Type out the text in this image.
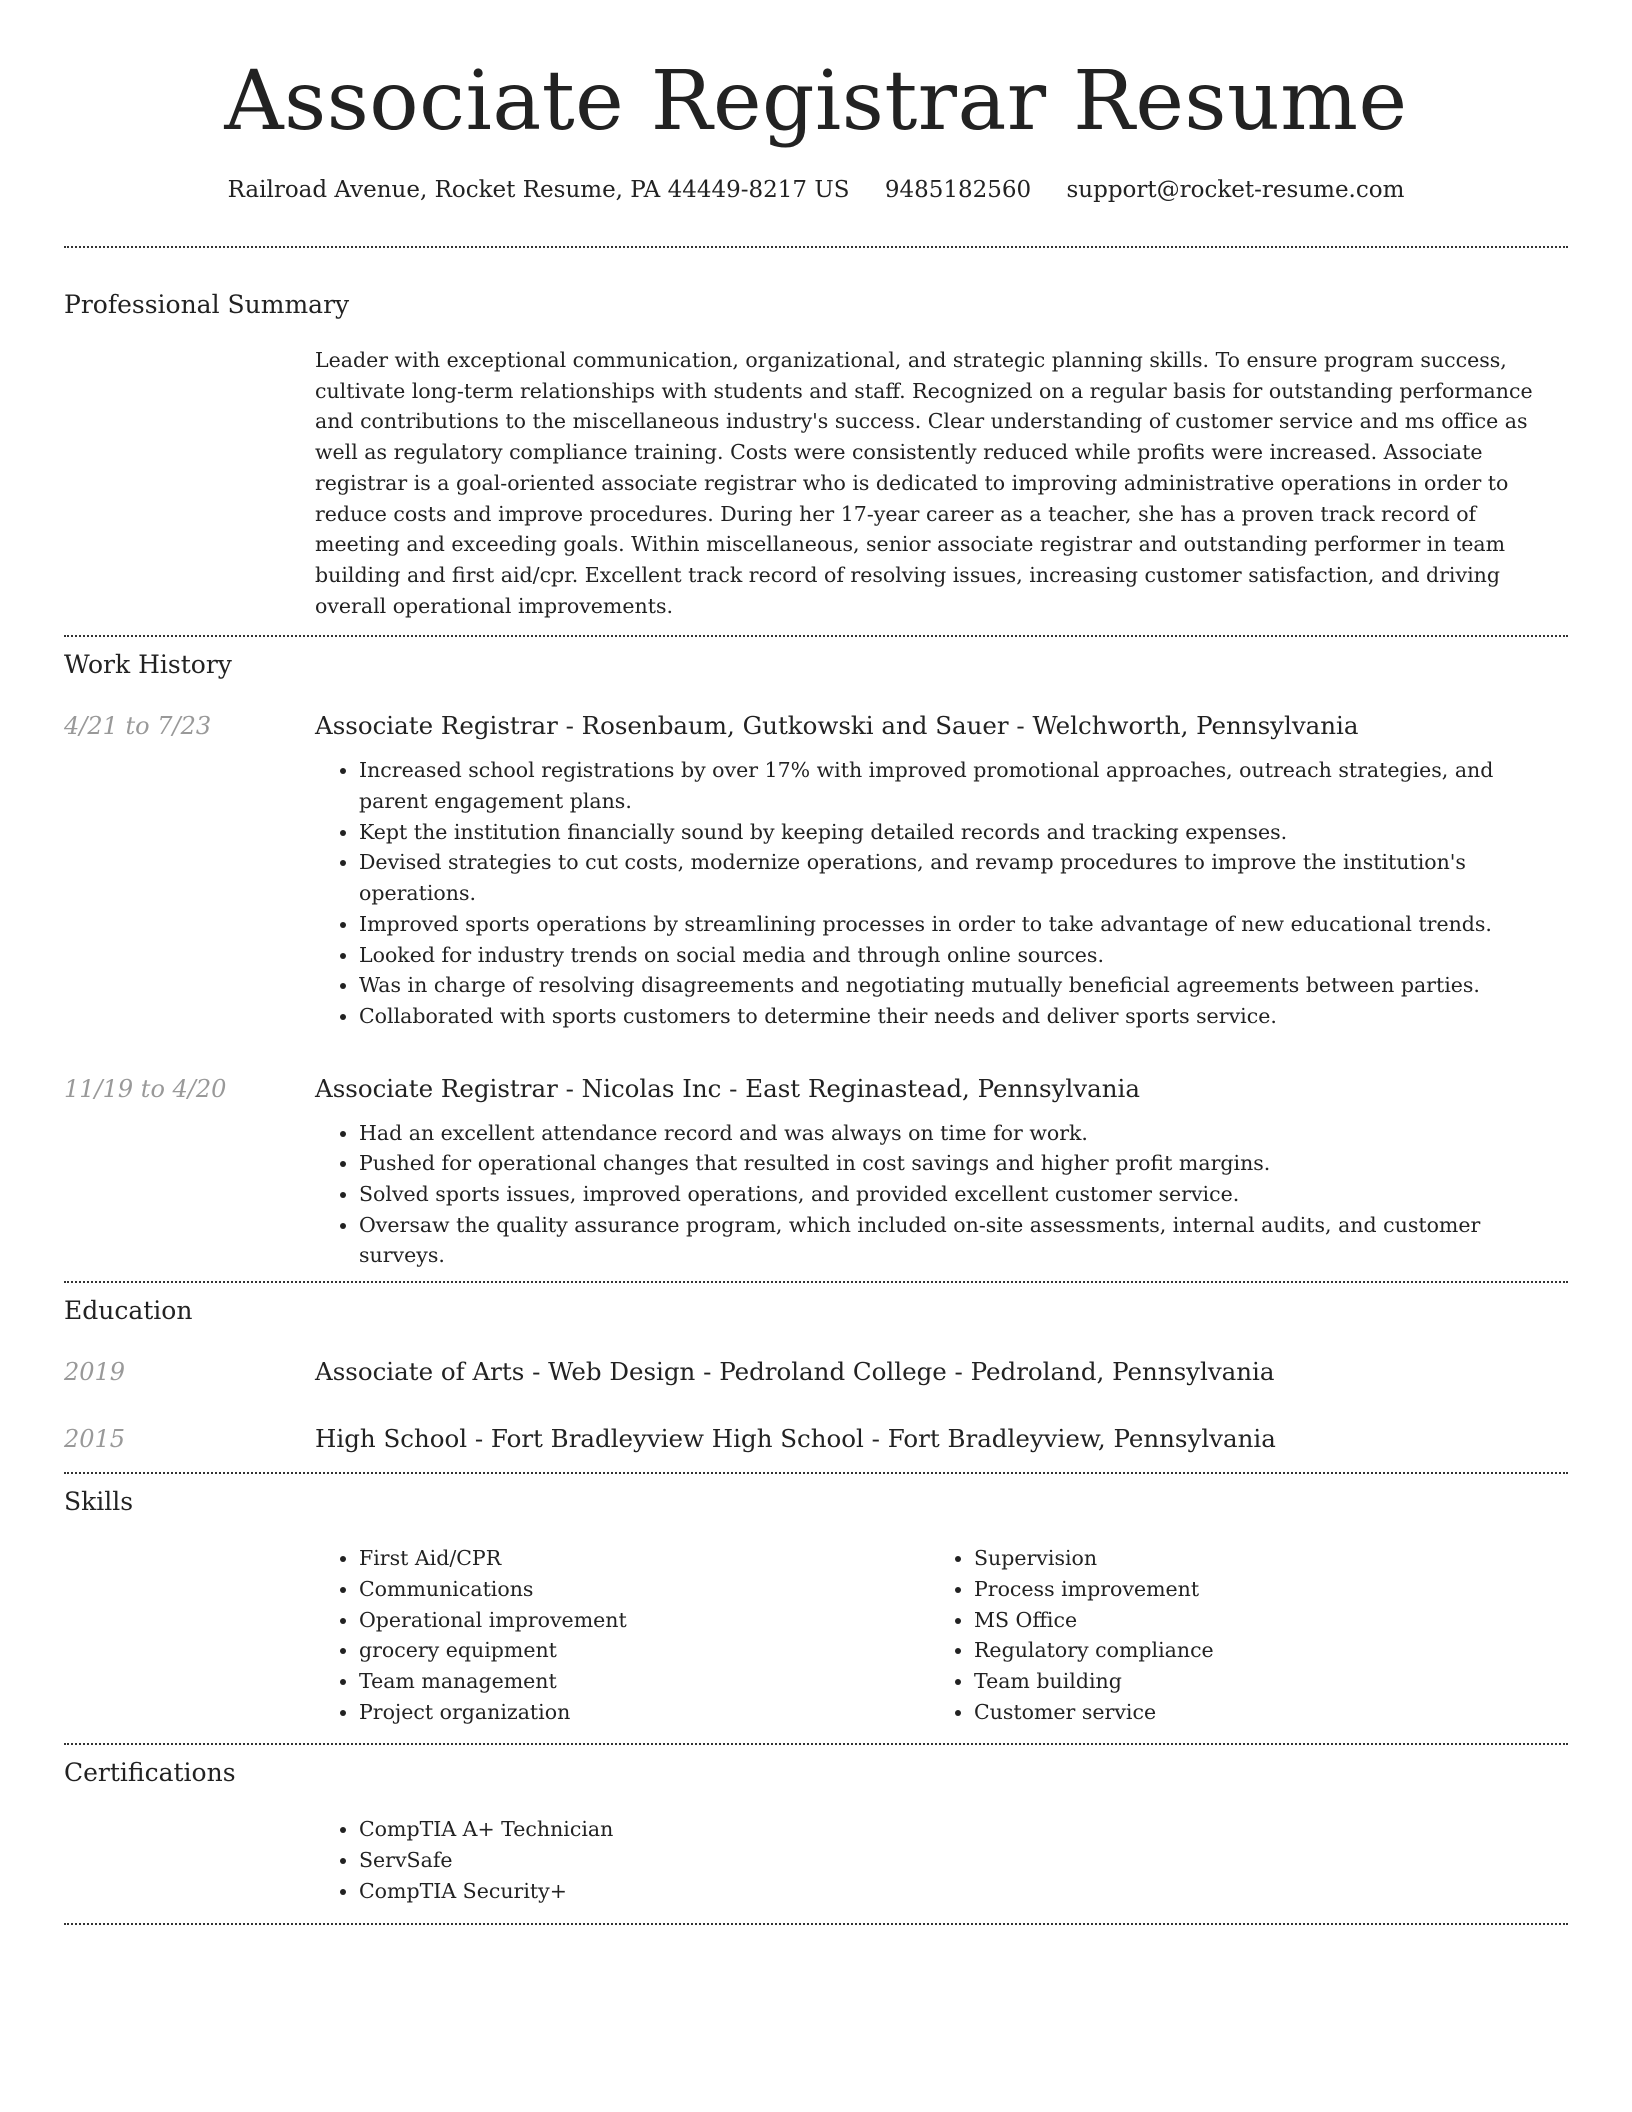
Associate Registrar Resume
Railroad Avenue, Rocket Resume, PA 44449-8217 US 9485182560 support@rocket-resume.com
Professional Summary

Leader with exceptional communication, organizational, and strategic planning skills. To ensure program success, cultivate long-term relationships with students and staff. Recognized on a regular basis for outstanding performance and contributions to the miscellaneous industry's success. Clear understanding of customer service and ms office as well as regulatory compliance training. Costs were consistently reduced while profits were increased. Associate registrar is a goal-oriented associate registrar who is dedicated to improving administrative operations in order to reduce costs and improve procedures. During her 17-year career as a teacher, she has a proven track record of meeting and exceeding goals. Within miscellaneous, senior associate registrar and outstanding performer in team building and first aid/cpr. Excellent track record of resolving issues, increasing customer satisfaction, and driving overall operational improvements.

Work History
4/21 to 7/23	Associate Registrar - Rosenbaum, Gutkowski and Sauer - Welchworth, Pennsylvania
• Increased school registrations by over 17% with improved promotional approaches, outreach strategies, and parent engagement plans.
• Kept the institution financially sound by keeping detailed records and tracking expenses.
• Devised strategies to cut costs, modernize operations, and revamp procedures to improve the institution's operations.
• Improved sports operations by streamlining processes in order to take advantage of new educational trends.
• Looked for industry trends on social media and through online sources.
• Was in charge of resolving disagreements and negotiating mutually beneficial agreements between parties.
• Collaborated with sports customers to determine their needs and deliver sports service.
11/19 to 4/20	Associate Registrar - Nicolas Inc - East Reginastead, Pennsylvania
• Had an excellent attendance record and was always on time for work.
• Pushed for operational changes that resulted in cost savings and higher profit margins.
• Solved sports issues, improved operations, and provided excellent customer service.
• Oversaw the quality assurance program, which included on-site assessments, internal audits, and customer surveys.
Education
2019	Associate of Arts - Web Design - Pedroland College - Pedroland, Pennsylvania
2015	High School - Fort Bradleyview High School - Fort Bradleyview, Pennsylvania
Skills
• First Aid/CPR
• Communications
• Operational improvement
• grocery equipment
• Team management
• Project organization
• Supervision
• Process improvement
• MS Office
• Regulatory compliance
• Team building
• Customer service
Certifications
• CompTIA A+ Technician
• ServSafe
• CompTIA Security+
